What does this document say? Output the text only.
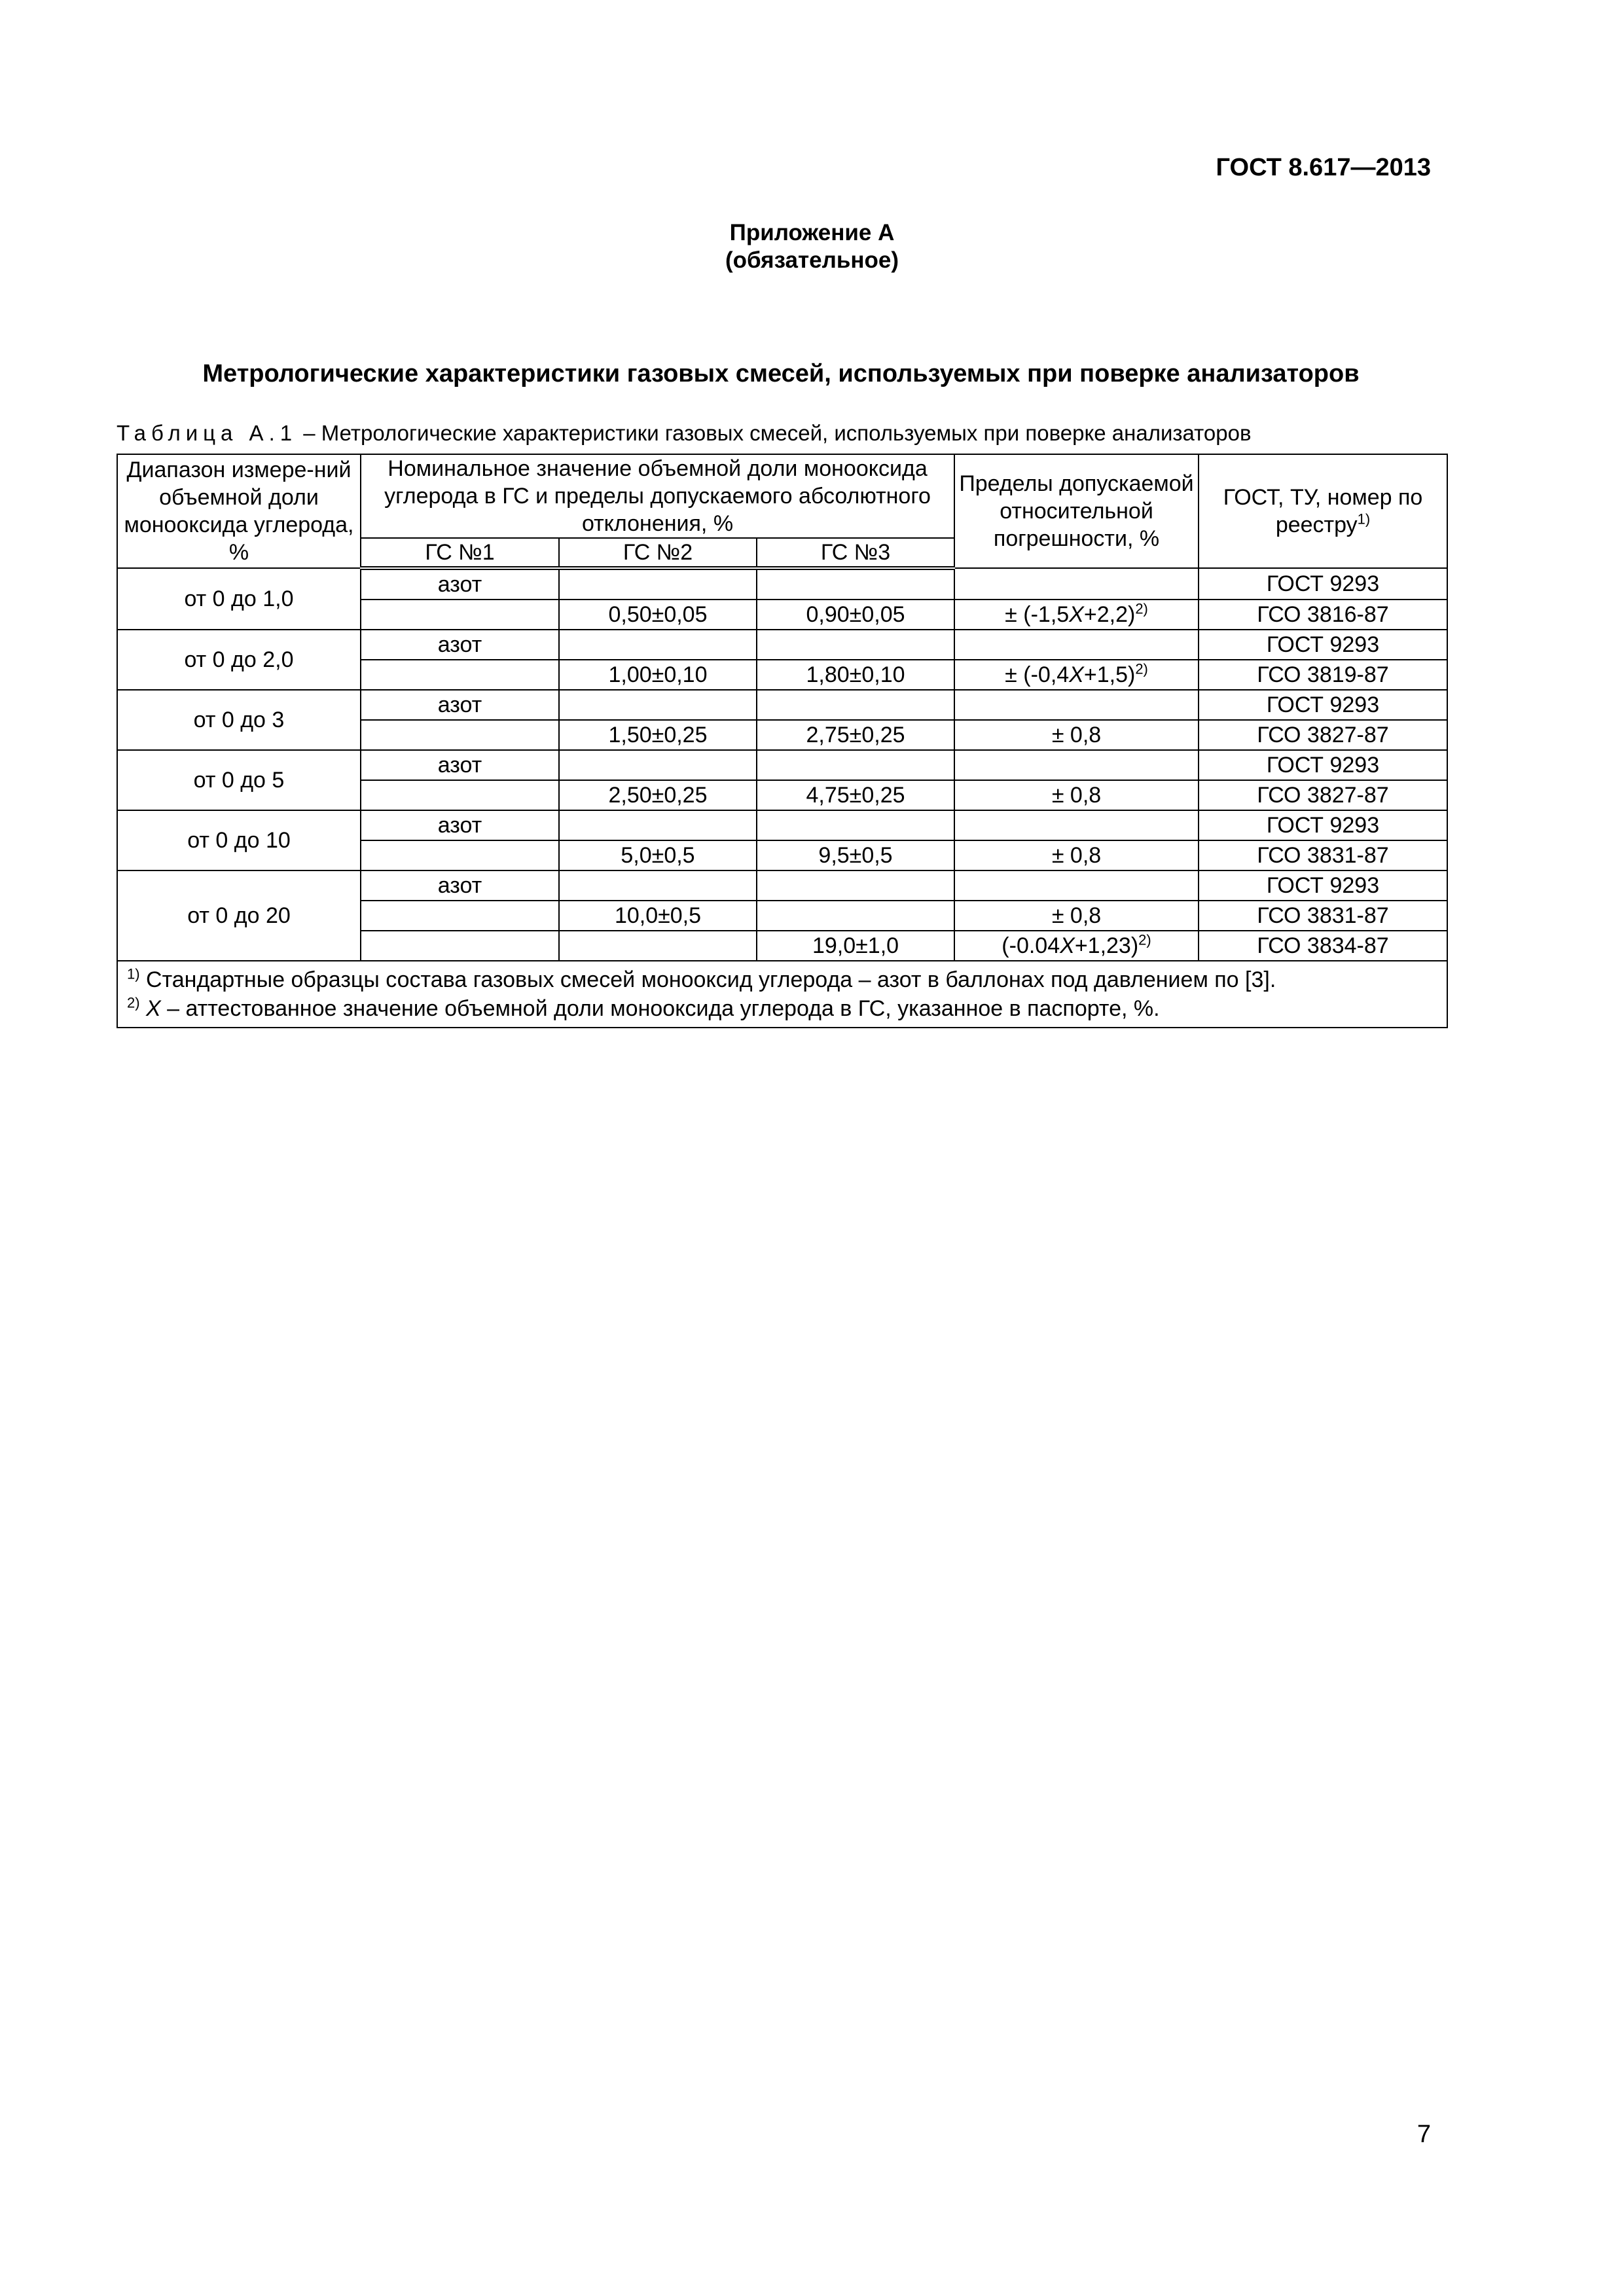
ГОСТ 8.617—2013
Приложение А
(обязательное)
Метрологические характеристики газовых смесей, используемых при поверке анализаторов
Таблица А.1 – Метрологические характеристики газовых смесей, используемых при поверке анализаторов
Диапазон измере-ний объемной доли монооксида углерода, %	Номинальное значение объемной доли монооксида углерода в ГС и пределы допускаемого абсолютного отклонения, %			Пределы допускаемой относительной погрешности, %	ГОСТ, ТУ, номер по реестру$^{1)}$
	ГС №1	ГС №2	ГС №3		
от 0 до 1,0	азот				ГОСТ 9293
		0,50±0,05	0,90±0,05	± $(-1,5X+2,2)^{2)}$	ГСО 3816-87
от 0 до 2,0	азот				ГОСТ 9293
		1,00±0,10	1,80±0,10	± $(-0,4X+1,5)^{2)}$	ГСО 3819-87
от 0 до 3	азот				ГОСТ 9293
		1,50±0,25	2,75±0,25	± 0,8	ГСО 3827-87
от 0 до 5	азот				ГОСТ 9293
		2,50±0,25	4,75±0,25	± 0,8	ГСО 3827-87
от 0 до 10	азот				ГОСТ 9293
		5,0±0,5	9,5±0,5	± 0,8	ГСО 3831-87
от 0 до 20	азот				ГОСТ 9293
		10,0±0,5		± 0,8	ГСО 3831-87
			19,0±1,0	$(-0.04X+1,23)^{2)}$	ГСО 3834-87

$^{1)}$ Стандартные образцы состава газовых смесей монооксид углерода – азот в баллонах под давлением по [3].
$^{2)}$ X – аттестованное значение объемной доли монооксида углерода в ГС, указанное в паспорте, %.					
7
